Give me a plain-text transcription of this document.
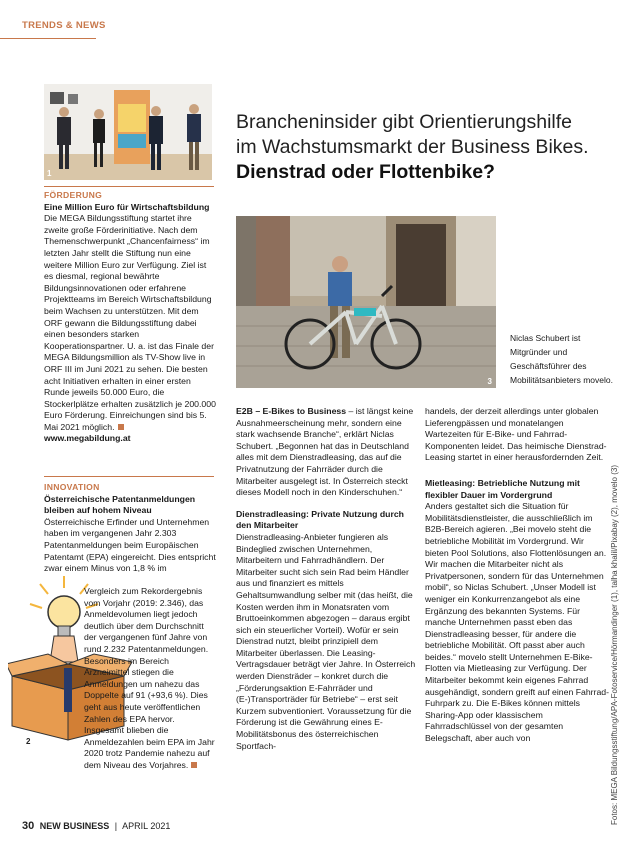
TRENDS & NEWS
1
FÖRDERUNG
Eine Million Euro für Wirtschaftsbildung

Die MEGA Bildungsstiftung startet ihre zweite große Förderinitiative. Nach dem Themenschwerpunkt „Chancenfairness“ im letzten Jahr stellt die Stiftung nun eine weitere Million Euro zur Verfügung. Ziel ist es diesmal, regional bewährte Bildungsinnovationen oder erfahrene Projektteams im Bereich Wirtschaftsbildung beim Wachsen zu unterstützen. Mit dem ORF gewann die Bildungsstiftung dabei einen besonders starken Kooperationspartner. U. a. ist das Finale der MEGA Bildungsmillion als TV-Show live in ORF III im Juni 2021 zu sehen. Die besten acht Initiativen erhalten in einer ersten Runde jeweils 50.000 Euro, die Stockerlplätze erhalten zusätzlich je 200.000 Euro Förderung. Einreichungen sind bis 5. Mai 2021 möglich.

www.megabildung.at
INNOVATION
Österreichische Patentanmeldungen bleiben auf hohem Niveau

Österreichische Erfinder und Unternehmen haben im vergangenen Jahr 2.303 Patentanmeldungen beim Europäischen Patentamt (EPA) eingereicht. Dies entspricht zwar einem Minus von 1,8 % im

2

Vergleich zum Rekordergebnis vom Vorjahr (2019: 2.346), das Anmeldevolumen liegt jedoch deutlich über dem Durchschnitt der vergangenen fünf Jahre von rund 2.232 Patentanmeldungen. Besonders im Bereich Arzneimittel stiegen die Anmeldungen um nahezu das Doppelte auf 91 (+93,6 %). Dies geht aus heute veröffentlichen Zahlen des EPA hervor. Insgesamt blieben die Anmeldezahlen beim EPA im Jahr 2020 trotz Pandemie nahezu auf dem Niveau des Vorjahres.

Brancheninsider gibt Orientierungshilfe
im Wachstumsmarkt der Business Bikes.
Dienstrad oder Flottenbike?
3
Niclas Schubert ist Mitgründer und Geschäftsführer des Mobilitätsanbieters movelo.

E2B – E-Bikes to Business – ist längst keine Ausnahmeerscheinung mehr, sondern eine stark wachsende Branche“, erklärt Niclas Schubert. „Begonnen hat das in Deutschland alles mit dem Dienstradleasing, das auf die Privatnutzung der Fahrräder durch die Mitarbeiter ausgelegt ist. In Österreich steckt dieses Modell noch in den Kinderschuhen.“

Dienstradleasing: Private Nutzung durch den Mitarbeiter

Dienstradleasing-Anbieter fungieren als Bindeglied zwischen Unternehmen, Mitarbeitern und Fahrradhändlern. Der Mitarbeiter sucht sich sein Rad beim Händler aus und finanziert es mittels Gehaltsumwandlung selber mit (das heißt, die Kosten werden ihm in Monatsraten vom Bruttoeinkommen abgezogen – daraus ergibt sich ein steuerlicher Vorteil). Wofür er sein Dienstrad nutzt, bleibt prinzipiell dem Mitarbeiter überlassen. Die Leasing-Vertragsdauer beträgt vier Jahre. In Österreich werden Diensträder – konkret durch die „Förderungsaktion E-Fahrräder und (E-)Transporträder für Betriebe“ – erst seit Kurzem subventioniert. Voraussetzung für die Förderung ist die Gewährung eines E-Mobilitätsbonus des österreichischen Sportfach-

handels, der derzeit allerdings unter globalen Lieferengpässen und monatelangen Wartezeiten für E-Bike- und Fahrrad-Komponenten leidet. Das heimische Dienstrad-Leasing startet in einer herausfordernden Zeit.

Mietleasing: Betriebliche Nutzung mit flexibler Dauer im Vordergrund

Anders gestaltet sich die Situation für Mobilitätsdienstleister, die ausschließlich im B2B-Bereich agieren. „Bei movelo steht die betriebliche Mobilität im Vordergrund. Wir bieten Pool Solutions, also Flottenlösungen an. Wir machen die Mitarbeiter nicht als Privatpersonen, sondern für das Unternehmen mobil“, so Niclas Schubert. „Unser Modell ist weniger ein Konkurrenzangebot als eine Ergänzung des bekannten Systems. Für manche Unternehmen passt eben das Dienstradleasing besser, für andere die betriebliche Mobilität. Oft passt aber auch beides.“ movelo stellt Unternehmen E-Bike-Flotten via Mietleasing zur Verfügung. Der Mitarbeiter bekommt kein eigenes Fahrrad ausgehändigt, sondern greift auf einen Fahrrad-Fuhrpark zu. Die E-Bikes können mittels Sharing-App oder klassischem Fahrradschlüssel von der gesamten Belegschaft, aber auch von	Fotos: MEGA Bildungsstiftung/APA-Fotoservice/Hörmandinger (1), talha khalil/Pixabay (2), movelo (3)
30 NEW BUSINESS | APRIL 2021
